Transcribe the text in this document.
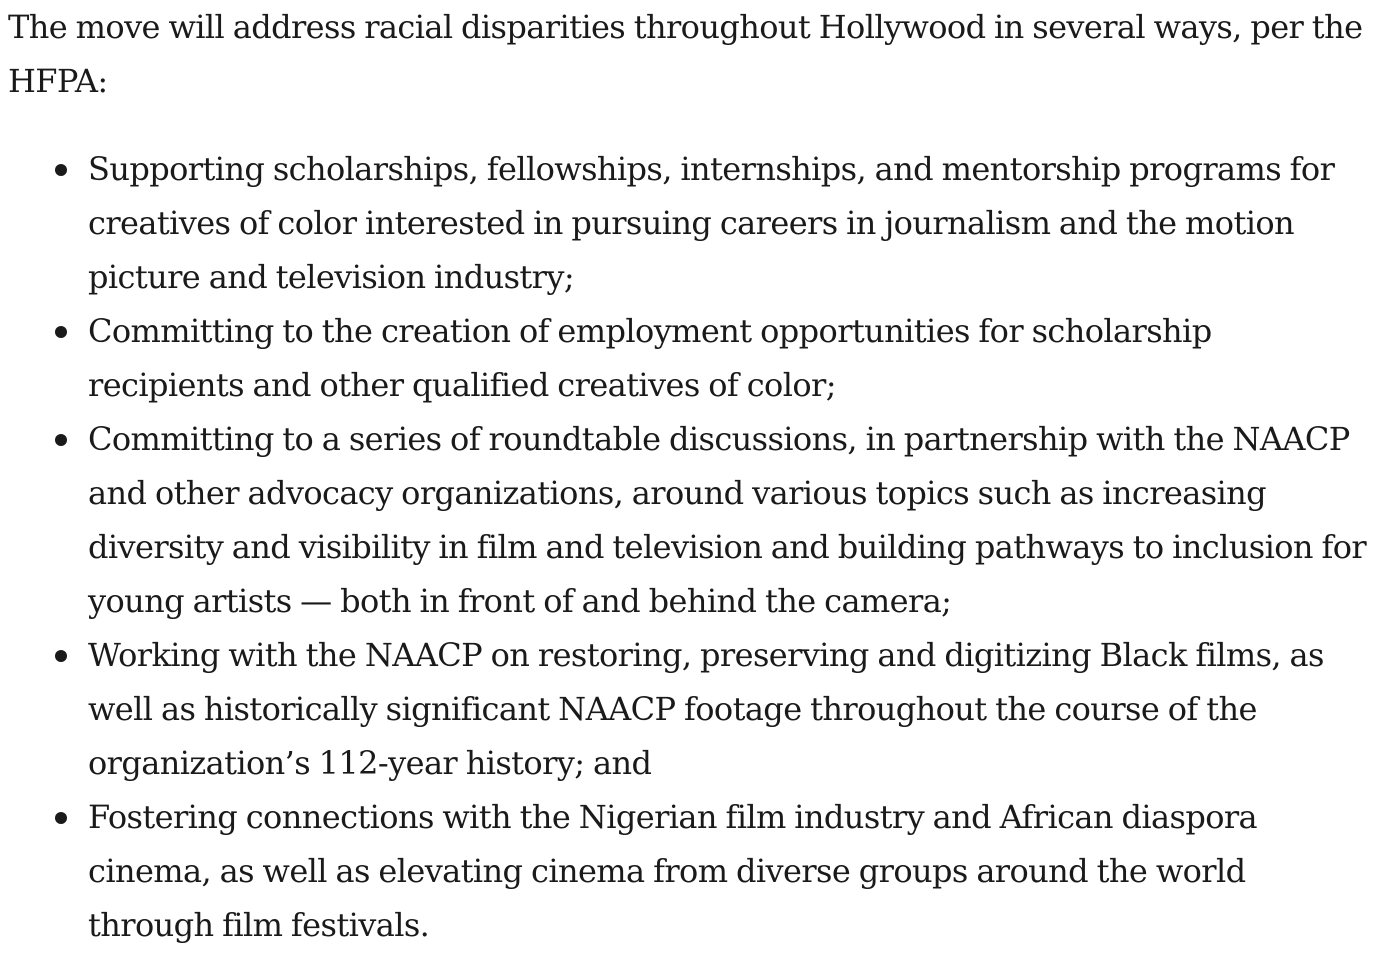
The move will address racial disparities throughout Hollywood in several ways, per the HFPA:

Supporting scholarships, fellowships, internships, and mentorship programs for creatives of color interested in pursuing careers in journalism and the motion picture and television industry;
Committing to the creation of employment opportunities for scholarship recipients and other qualified creatives of color;
Committing to a series of roundtable discussions, in partnership with the NAACP and other advocacy organizations, around various topics such as increasing diversity and visibility in film and television and building pathways to inclusion for young artists — both in front of and behind the camera;
Working with the NAACP on restoring, preserving and digitizing Black films, as well as historically significant NAACP footage throughout the course of the organization’s 112-year history; and
Fostering connections with the Nigerian film industry and African diaspora cinema, as well as elevating cinema from diverse groups around the world through film festivals.
